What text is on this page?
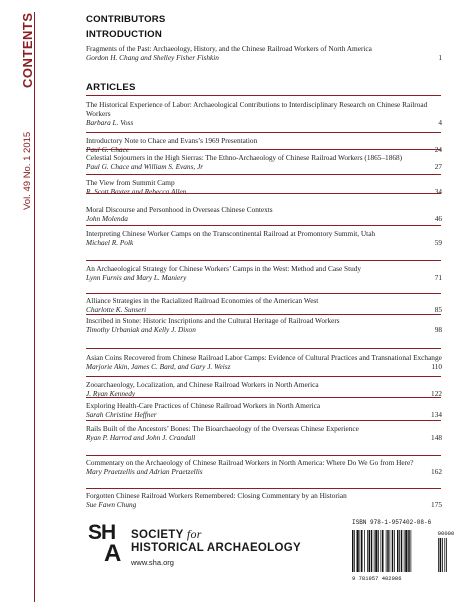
CONTENTS
Vol. 49 No. 1 2015
CONTRIBUTORS
INTRODUCTION
Fragments of the Past: Archaeology, History, and the Chinese Railroad Workers of North America
Gordon H. Chang and Shelley Fisher Fishkin	1
ARTICLES
The Historical Experience of Labor: Archaeological Contributions to Interdisciplinary Research on Chinese Railroad Workers
Barbara L. Voss	4
Introductory Note to Chace and Evans’s 1969 Presentation
Paul G. Chace	24
Celestial Sojourners in the High Sierras: The Ethno-Archaeology of Chinese Railroad Workers (1865–1868)
Paul G. Chace and William S. Evans, Jr	27
The View from Summit Camp
R. Scott Baxter and Rebecca Allen	34
Moral Discourse and Personhood in Overseas Chinese Contexts
John Molenda	46
Interpreting Chinese Worker Camps on the Transcontinental Railroad at Promontory Summit, Utah
Michael R. Polk	59
An Archaeological Strategy for Chinese Workers’ Camps in the West: Method and Case Study
Lynn Furnis and Mary L. Maniery	71
Alliance Strategies in the Racialized Railroad Economies of the American West
Charlotte K. Sunseri	85
Inscribed in Stone: Historic Inscriptions and the Cultural Heritage of Railroad Workers
Timothy Urbaniak and Kelly J. Dixon	98
Asian Coins Recovered from Chinese Railroad Labor Camps: Evidence of Cultural Practices and Transnational Exchange
Marjorie Akin, James C. Bard, and Gary J. Weisz	110
Zooarchaeology, Localization, and Chinese Railroad Workers in North America
J. Ryan Kennedy	122
Exploring Health-Care Practices of Chinese Railroad Workers in North America
Sarah Christine Heffner	134
Rails Built of the Ancestors’ Bones: The Bioarchaeology of the Overseas Chinese Experience
Ryan P. Harrod and John J. Crandall	148
Commentary on the Archaeology of Chinese Railroad Workers in North America: Where Do We Go from Here?
Mary Praetzellis and Adrian Praetzellis	162
Forgotten Chinese Railroad Workers Remembered: Closing Commentary by an Historian
Sue Fawn Chung	175
SH
A
SOCIETY for
HISTORICAL ARCHAEOLOGY
www.sha.org
ISBN 978-1-957402-08-6
90000
9 781957 402086
